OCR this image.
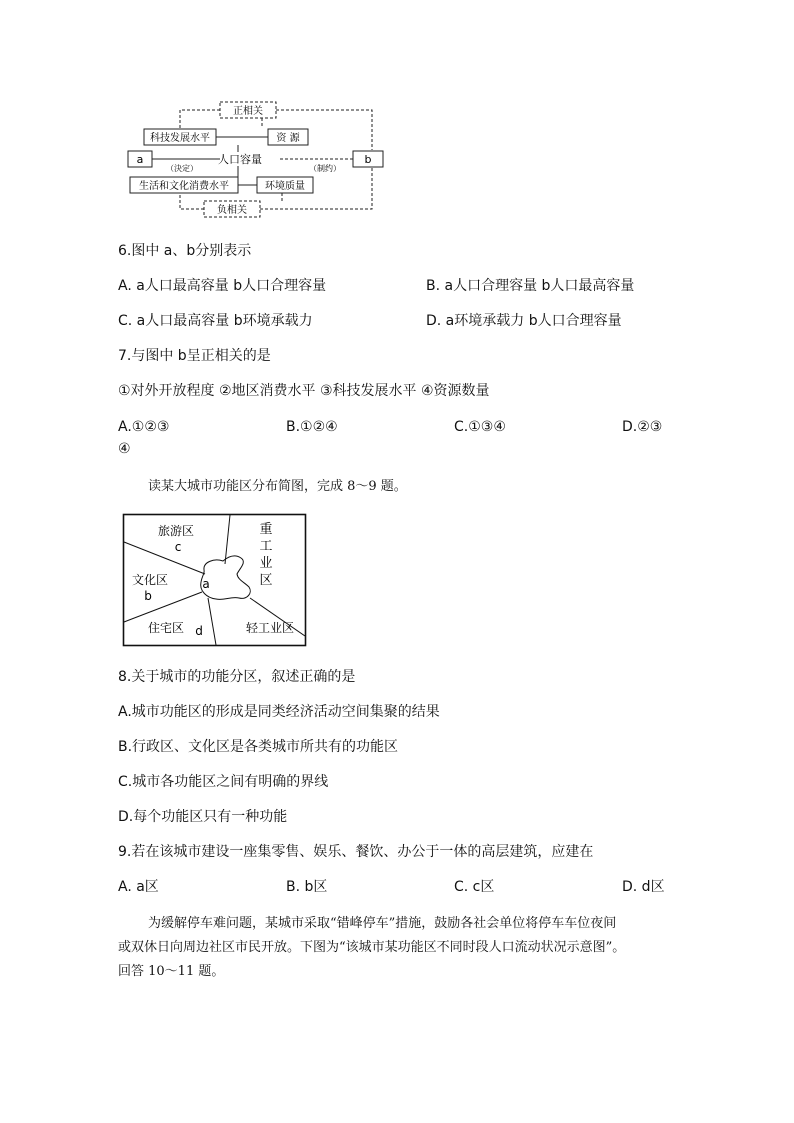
正相关
负相关
科技发展水平	资 源
a	b
（決定）	（制约）
人口容量
生活和文化消费水平	环境质量
6.图中 a、b分别表示
A. a人口最高容量 b人口合理容量	B. a人口合理容量 b人口最高容量
C. a人口最高容量 b环境承载力	D. a环境承载力 b人口合理容量
7.与图中 b呈正相关的是
①对外开放程度 ②地区消费水平 ③科技发展水平 ④资源数量
A.①②③	B.①②④	C.①③④	D.②③
④
读某大城市功能区分布简图，完成 8～9 题。
旅游区
c
重
工
业
区
文化区
b
a
住宅区 d	轻工业区
8.关于城市的功能分区，叙述正确的是
A.城市功能区的形成是同类经济活动空间集聚的结果
B.行政区、文化区是各类城市所共有的功能区
C.城市各功能区之间有明确的界线
D.每个功能区只有一种功能
9.若在该城市建设一座集零售、娱乐、餐饮、办公于一体的高层建筑，应建在
A. a区	B. b区	C. c区	D. d区
为缓解停车难问题，某城市采取“错峰停车”措施，鼓励各社会单位将停车车位夜间
或双休日向周边社区市民开放。下图为“该城市某功能区不同时段人口流动状况示意图”。
回答 10～11 题。
